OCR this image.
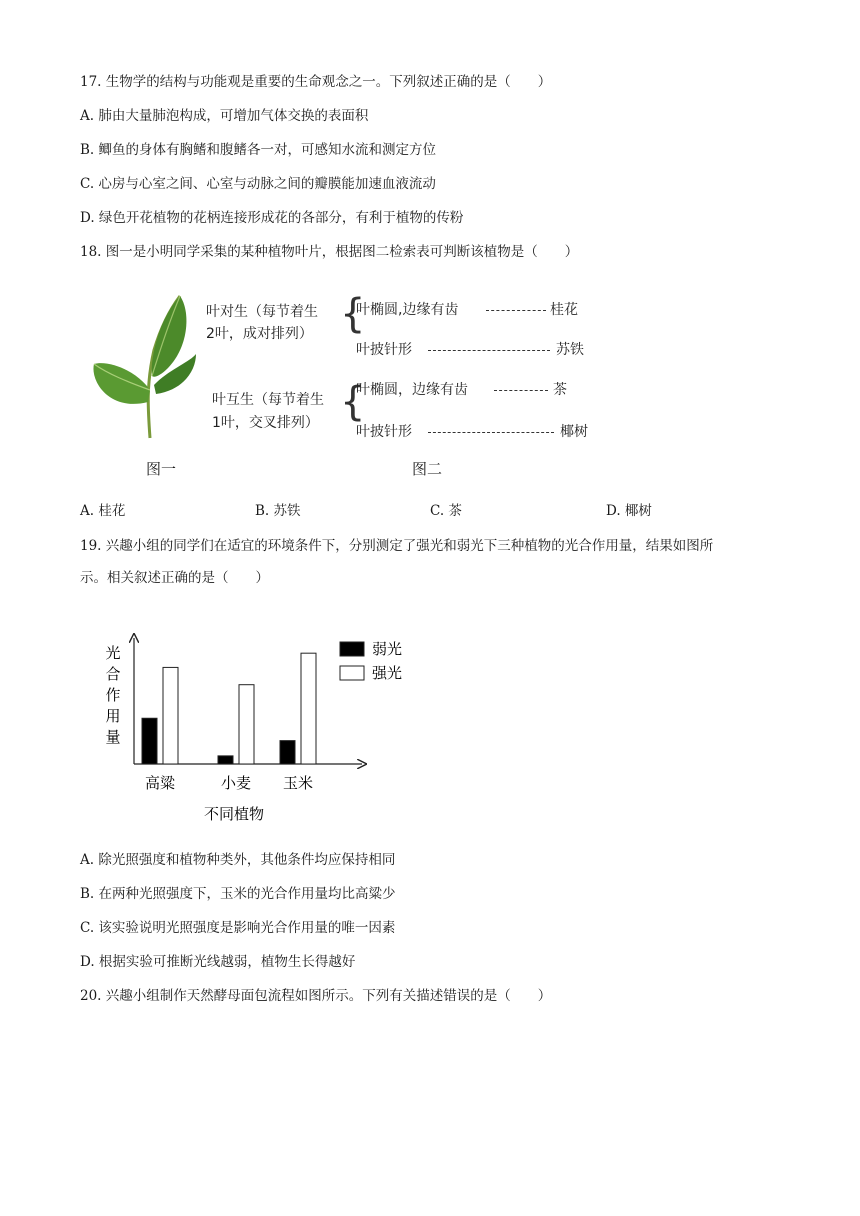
17. 生物学的结构与功能观是重要的生命观念之一。下列叙述正确的是（　　）
A. 肺由大量肺泡构成，可增加气体交换的表面积
B. 鲫鱼的身体有胸鳍和腹鳍各一对，可感知水流和测定方位
C. 心房与心室之间、心室与动脉之间的瓣膜能加速血液流动
D. 绿色开花植物的花柄连接形成花的各部分，有利于植物的传粉
18. 图一是小明同学采集的某种植物叶片，根据图二检索表可判断该植物是（　　）
叶对生（每节着生
2叶，成对排列） {
叶椭圆,边缘有齿	桂花
叶披针形	苏铁
叶互生（每节着生
1叶，交叉排列） {
叶椭圆，边缘有齿	茶
叶披针形	椰树
图一	图二
A. 桂花	B. 苏铁	C. 茶	D. 椰树
19. 兴趣小组的同学们在适宜的环境条件下，分别测定了强光和弱光下三种植物的光合作用量，结果如图所
示。相关叙述正确的是（　　）
光
合
作
用
量
高粱	小麦 玉米
不同植物
弱光
强光
A. 除光照强度和植物种类外，其他条件均应保持相同
B. 在两种光照强度下，玉米的光合作用量均比高粱少
C. 该实验说明光照强度是影响光合作用量的唯一因素
D. 根据实验可推断光线越弱，植物生长得越好
20. 兴趣小组制作天然酵母面包流程如图所示。下列有关描述错误的是（　　）
